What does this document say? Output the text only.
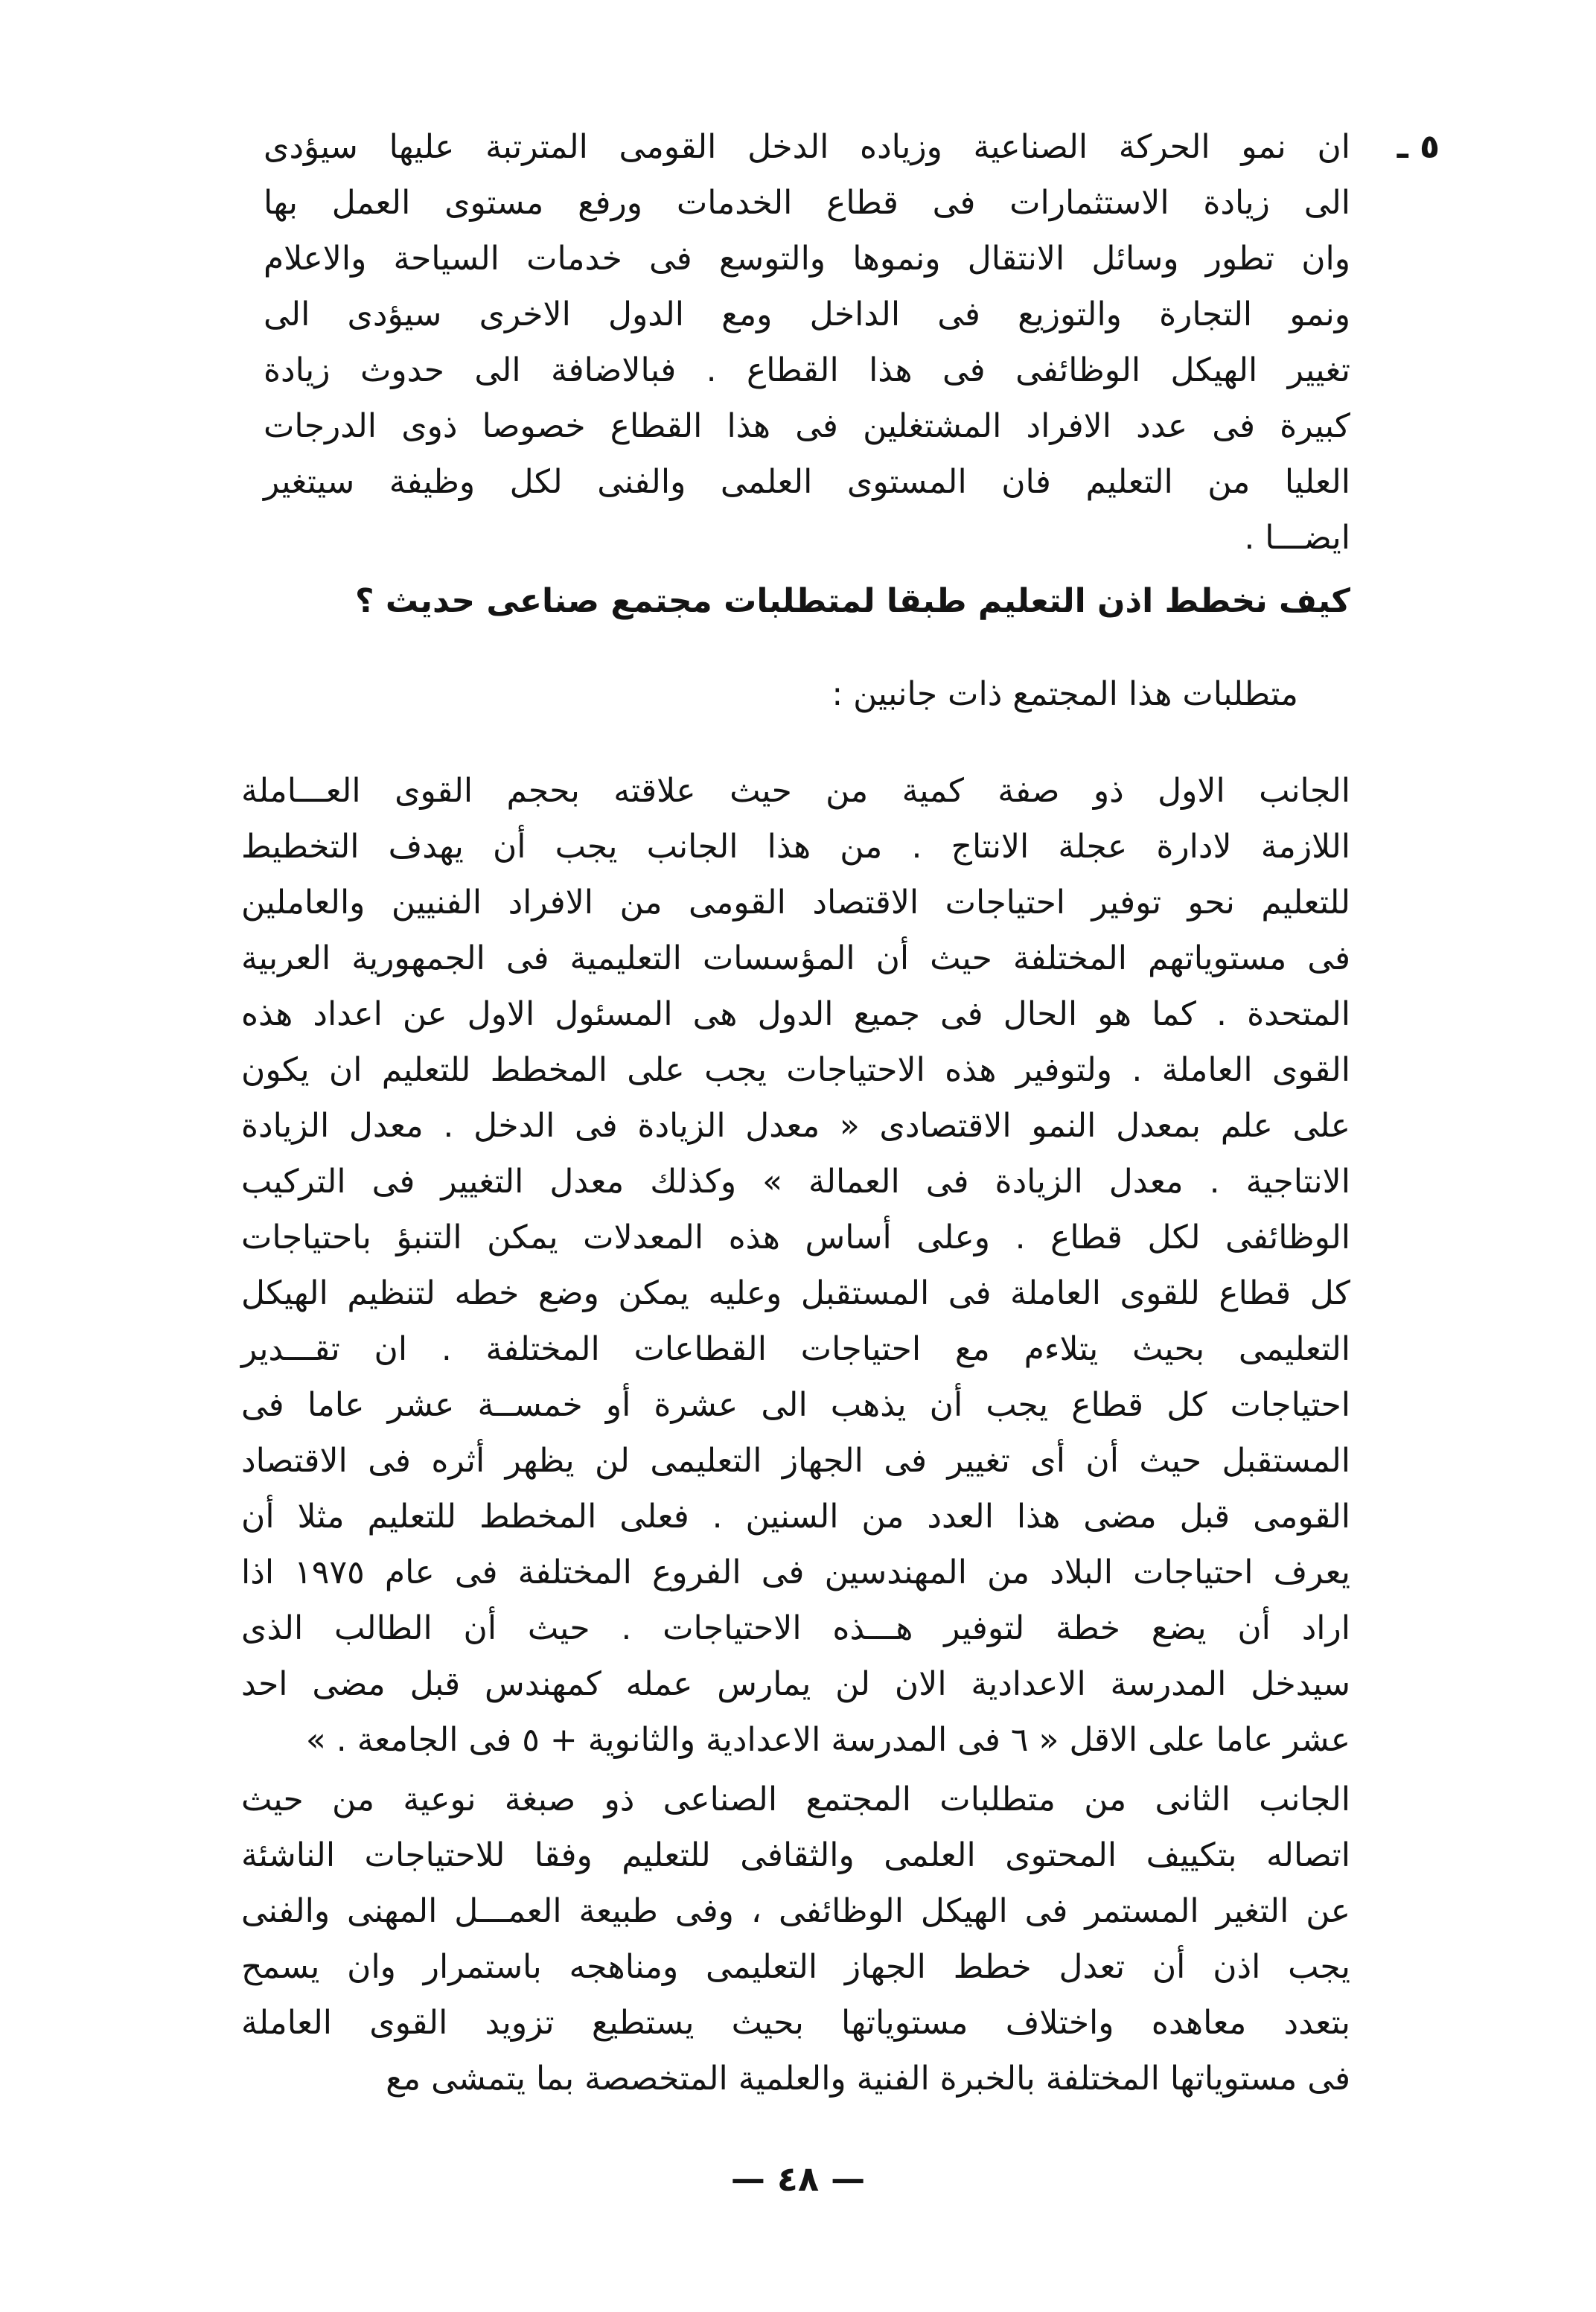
٥ ـ
ان نمو الحركة الصناعية وزياده الدخل القومى المترتبة عليها سيؤدى
الى زيادة الاستثمارات فى قطاع الخدمات ورفع مستوى العمل بها
وان تطور وسائل الانتقال ونموها والتوسع فى خدمات السياحة والاعلام
ونمو التجارة والتوزيع فى الداخل ومع الدول الاخرى سيؤدى الى
تغيير الهيكل الوظائفى فى هذا القطاع . فبالاضافة الى حدوث زيادة
كبيرة فى عدد الافراد المشتغلين فى هذا القطاع خصوصا ذوى الدرجات
العليا من التعليم فان المستوى العلمى والفنى لكل وظيفة سيتغير
ايضـــا .
كيف نخطط اذن التعليم طبقا لمتطلبات مجتمع صناعى حديث ؟
متطلبات هذا المجتمع ذات جانبين :
الجانب الاول ذو صفة كمية من حيث علاقته بحجم القوى العـــاملة
اللازمة لادارة عجلة الانتاج . من هذا الجانب يجب أن يهدف التخطيط
للتعليم نحو توفير احتياجات الاقتصاد القومى من الافراد الفنيين والعاملين
فى مستوياتهم المختلفة حيث أن المؤسسات التعليمية فى الجمهورية العربية
المتحدة . كما هو الحال فى جميع الدول هى المسئول الاول عن اعداد هذه
القوى العاملة . ولتوفير هذه الاحتياجات يجب على المخطط للتعليم ان يكون
على علم بمعدل النمو الاقتصادى « معدل الزيادة فى الدخل . معدل الزيادة
الانتاجية . معدل الزيادة فى العمالة » وكذلك معدل التغيير فى التركيب
الوظائفى لكل قطاع . وعلى أساس هذه المعدلات يمكن التنبؤ باحتياجات
كل قطاع للقوى العاملة فى المستقبل وعليه يمكن وضع خطه لتنظيم الهيكل
التعليمى بحيث يتلاءم مع احتياجات القطاعات المختلفة . ان تقـــدير
احتياجات كل قطاع يجب أن يذهب الى عشرة أو خمســة عشر عاما فى
المستقبل حيث أن أى تغيير فى الجهاز التعليمى لن يظهر أثره فى الاقتصاد
القومى قبل مضى هذا العدد من السنين . فعلى المخطط للتعليم مثلا أن
يعرف احتياجات البلاد من المهندسين فى الفروع المختلفة فى عام ١٩٧٥ اذا
اراد أن يضع خطة لتوفير هـــذه الاحتياجات . حيث أن الطالب الذى
سيدخل المدرسة الاعدادية الان لن يمارس عمله كمهندس قبل مضى احد
عشر عاما على الاقل « ٦ فى المدرسة الاعدادية والثانوية + ٥ فى الجامعة . »
الجانب الثانى من متطلبات المجتمع الصناعى ذو صبغة نوعية من حيث
اتصاله بتكييف المحتوى العلمى والثقافى للتعليم وفقا للاحتياجات الناشئة
عن التغير المستمر فى الهيكل الوظائفى ، وفى طبيعة العمـــل المهنى والفنى
يجب اذن أن تعدل خطط الجهاز التعليمى ومناهجه باستمرار وان يسمح
بتعدد معاهده واختلاف مستوياتها بحيث يستطيع تزويد القوى العاملة
فى مستوياتها المختلفة بالخبرة الفنية والعلمية المتخصصة بما يتمشى مع
— ٤٨ —
